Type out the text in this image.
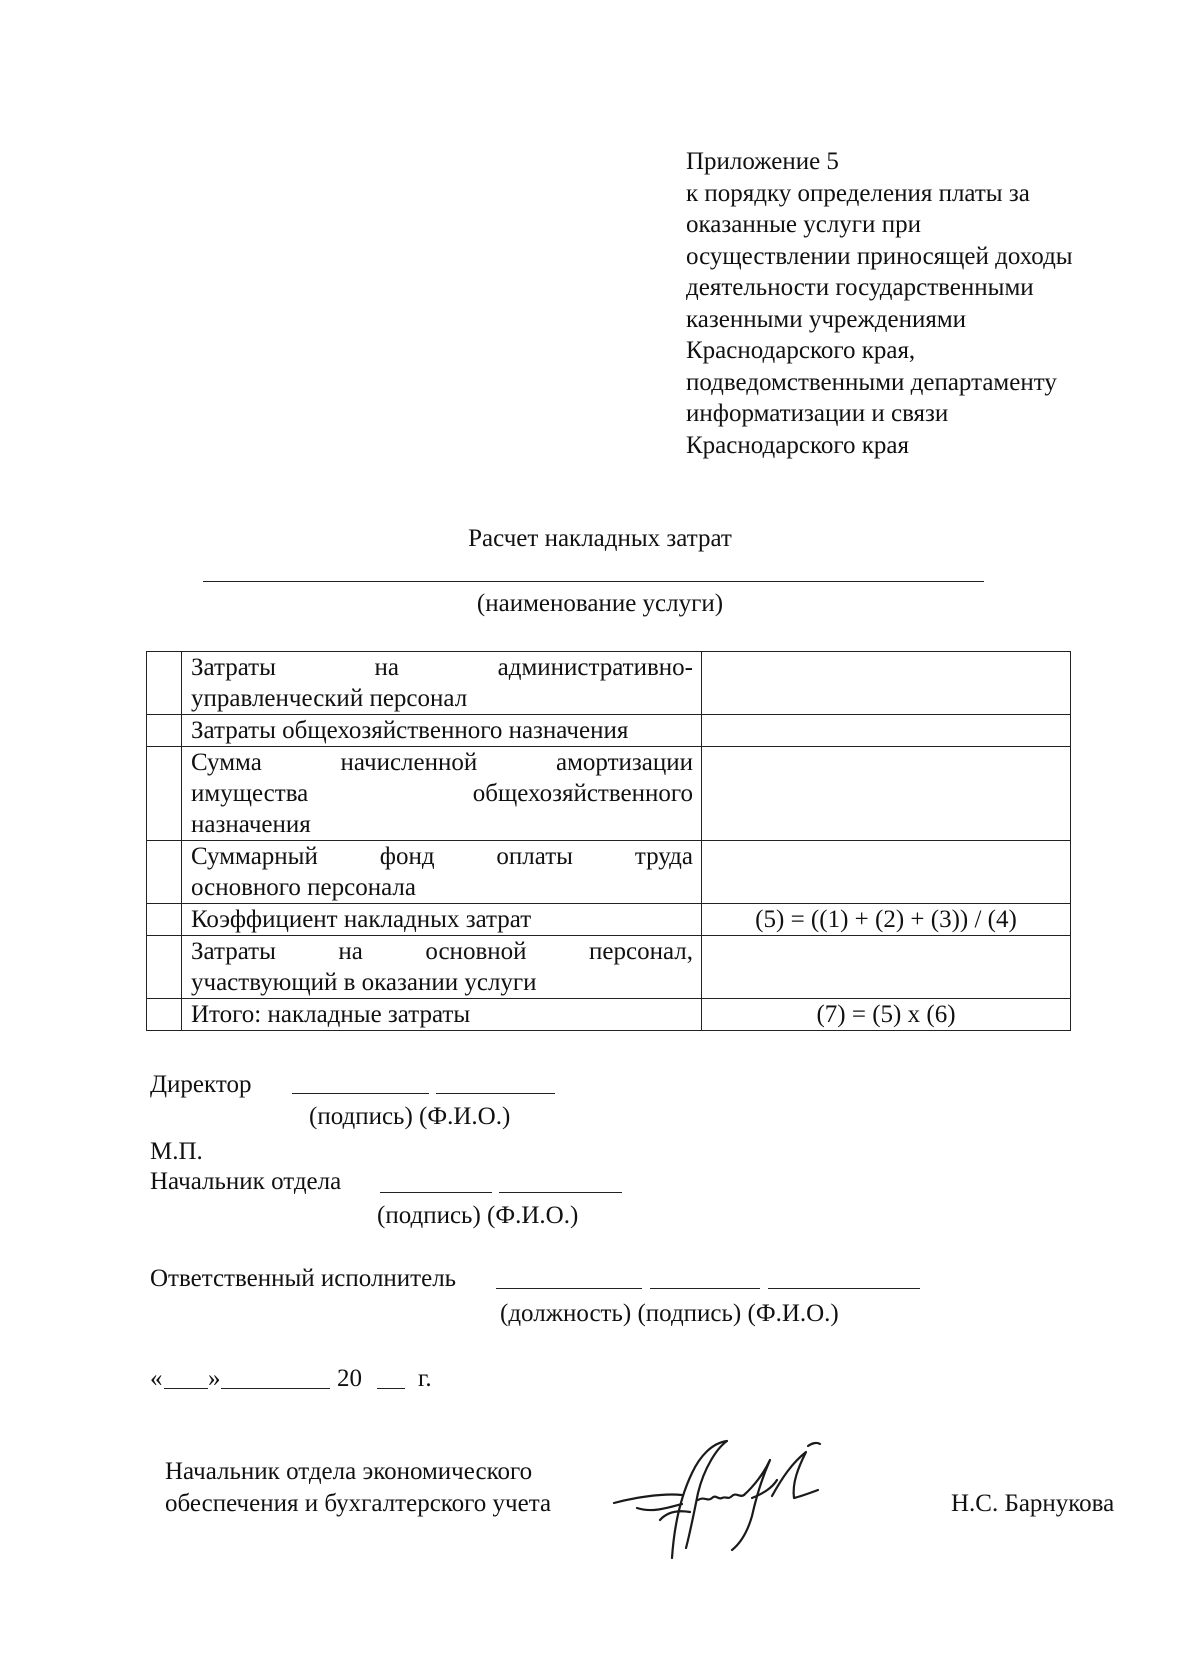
Приложение 5
к порядку определения платы за
оказанные услуги при
осуществлении приносящей доходы
деятельности государственными
казенными учреждениями
Краснодарского края,
подведомственными департаменту
информатизации и связи
Краснодарского края
Расчет накладных затрат
(наименование услуги)

	Затраты на административно-
управленческий персонал	

	Затраты общехозяйственного назначения	

	Сумма начисленной амортизации
имущества общехозяйственного
назначения	

	Суммарный фонд оплаты труда
основного персонала	

	Коэффициент накладных затрат	(5) = ((1) + (2) + (3)) / (4)

	Затраты на основной персонал,
участвующий в оказании услуги	

	Итого: накладные затраты	(7) = (5) x (6)
Директор
(подпись) (Ф.И.О.)
М.П.
Начальник отдела
(подпись) (Ф.И.О.)
Ответственный исполнитель
(должность) (подпись) (Ф.И.О.)
« »	20 г.
Начальник отдела экономического
обеспечения и бухгалтерского учета	Н.С. Барнукова
